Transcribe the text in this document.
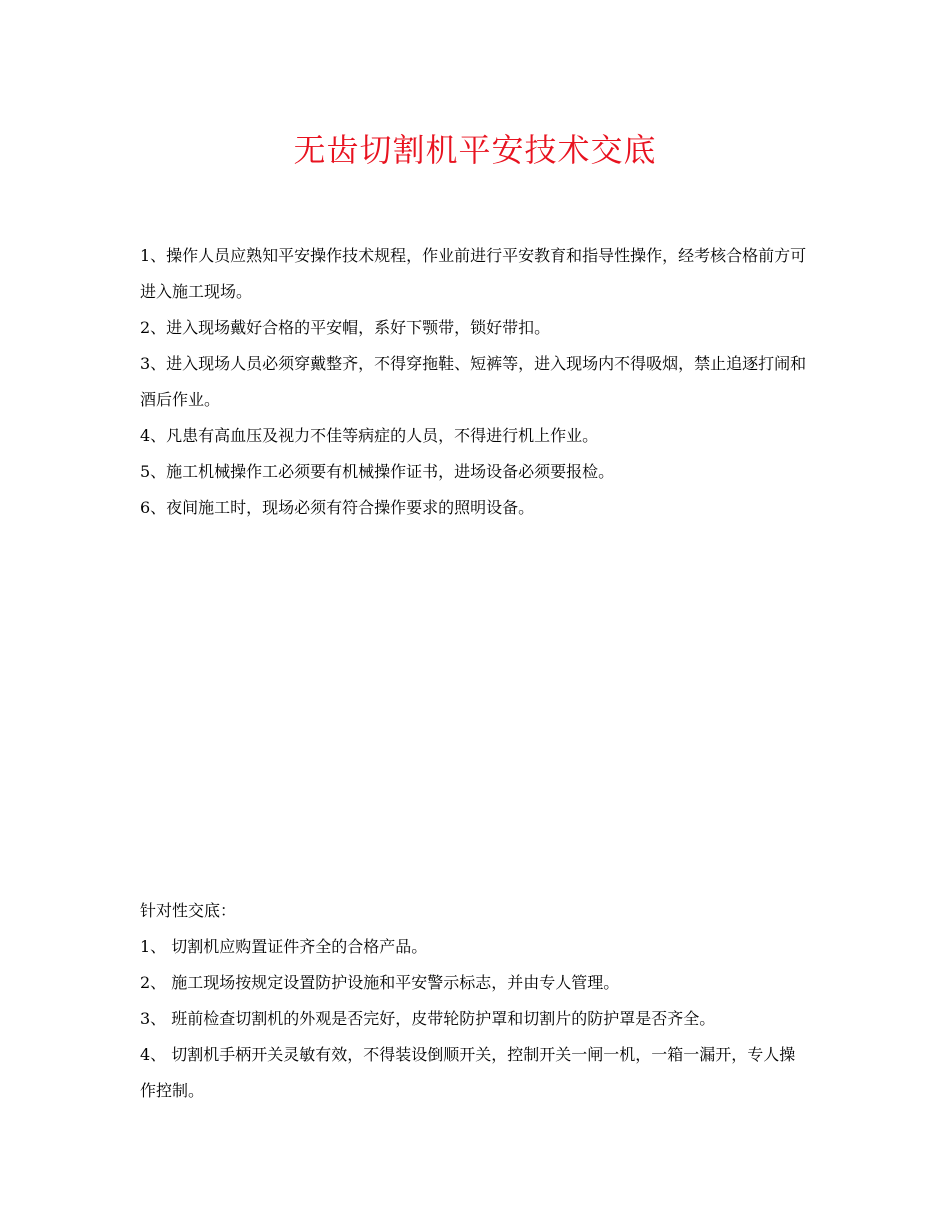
无齿切割机平安技术交底

1、操作人员应熟知平安操作技术规程，作业前进行平安教育和指导性操作，经考核合格前方可进入施工现场。

2、进入现场戴好合格的平安帽，系好下颚带，锁好带扣。

3、进入现场人员必须穿戴整齐，不得穿拖鞋、短裤等，进入现场内不得吸烟，禁止追逐打闹和酒后作业。

4、凡患有高血压及视力不佳等病症的人员，不得进行机上作业。

5、施工机械操作工必须要有机械操作证书，进场设备必须要报检。

6、夜间施工时，现场必须有符合操作要求的照明设备。

针对性交底：

1、 切割机应购置证件齐全的合格产品。

2、 施工现场按规定设置防护设施和平安警示标志，并由专人管理。

3、 班前检查切割机的外观是否完好，皮带轮防护罩和切割片的防护罩是否齐全。

4、 切割机手柄开关灵敏有效，不得装设倒顺开关，控制开关一闸一机，一箱一漏开，专人操作控制。
